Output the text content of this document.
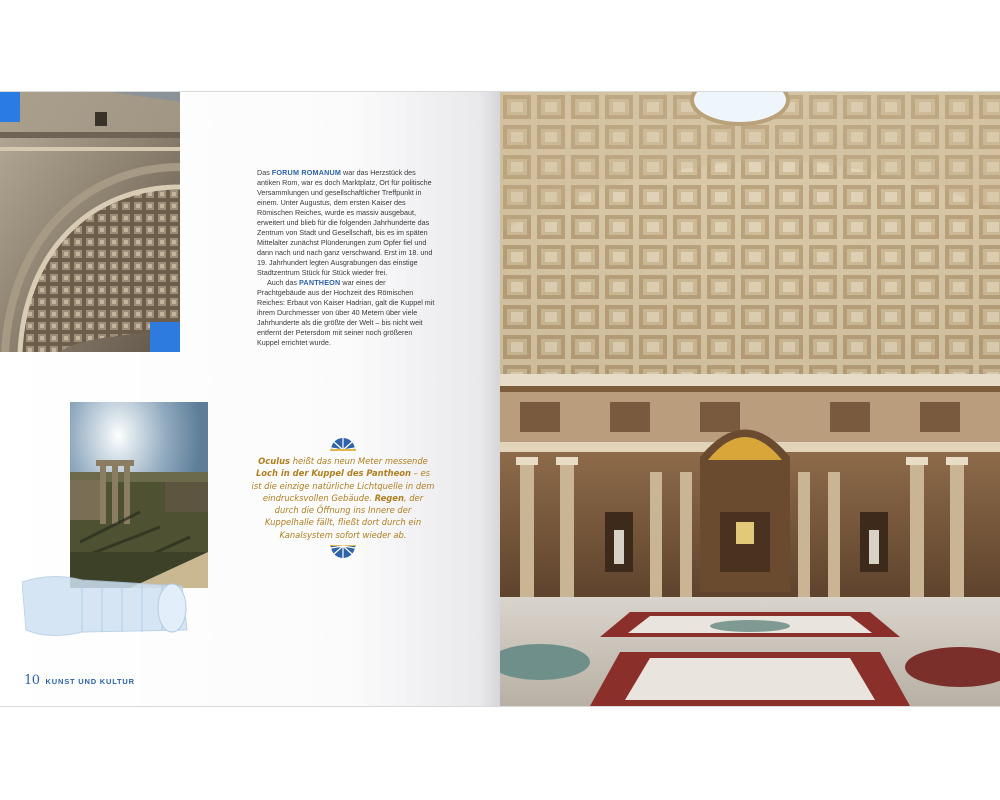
Das FORUM ROMANUM war das Herzstück des antiken Rom, war es doch Marktplatz, Ort für politische Versammlungen und gesellschaftlicher Treffpunkt in einem. Unter Augustus, dem ersten Kaiser des Römischen Reiches, wurde es massiv ausgebaut, erweitert und blieb für die folgenden Jahrhunderte das Zentrum von Stadt und Gesellschaft, bis es im späten Mittelalter zunächst Plünderungen zum Opfer fiel und dann nach und nach ganz verschwand. Erst im 18. und 19. Jahrhundert legten Ausgrabungen das einstige Stadtzentrum Stück für Stück wieder frei.

Auch das PANTHEON war eines der Prachtgebäude aus der Hochzeit des Römischen Reiches: Erbaut von Kaiser Hadrian, galt die Kuppel mit ihrem Durchmesser von über 40 Metern über viele Jahrhunderte als die größte der Welt – bis nicht weit entfernt der Petersdom mit seiner noch größeren Kuppel errichtet wurde.

Oculus heißt das neun Meter messende Loch in der Kuppel des Pantheon – es ist die einzige natürliche Lichtquelle in dem eindrucksvollen Gebäude. Regen, der durch die Öffnung ins Innere der Kuppelhalle fällt, fließt dort durch ein Kanalsystem sofort wieder ab.

10 KUNST UND KULTUR
